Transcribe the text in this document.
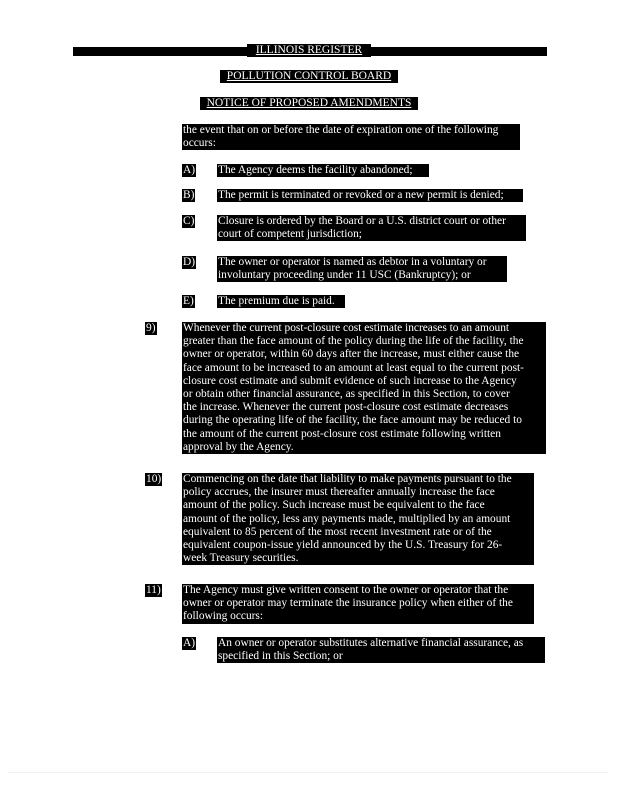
ILLINOIS REGISTER
POLLUTION CONTROL BOARD
NOTICE OF PROPOSED AMENDMENTS
the event that on or before the date of expiration one of the following
occurs:
A) The Agency deems the facility abandoned;
B) The permit is terminated or revoked or a new permit is denied;
C) Closure is ordered by the Board or a U.S. district court or other
court of competent jurisdiction;
D) The owner or operator is named as debtor in a voluntary or
involuntary proceeding under 11 USC (Bankruptcy); or
E) The premium due is paid.
9) Whenever the current post-closure cost estimate increases to an amount
greater than the face amount of the policy during the life of the facility, the
owner or operator, within 60 days after the increase, must either cause the
face amount to be increased to an amount at least equal to the current post-
closure cost estimate and submit evidence of such increase to the Agency
or obtain other financial assurance, as specified in this Section, to cover
the increase. Whenever the current post-closure cost estimate decreases
during the operating life of the facility, the face amount may be reduced to
the amount of the current post-closure cost estimate following written
approval by the Agency.
10) Commencing on the date that liability to make payments pursuant to the
policy accrues, the insurer must thereafter annually increase the face
amount of the policy. Such increase must be equivalent to the face
amount of the policy, less any payments made, multiplied by an amount
equivalent to 85 percent of the most recent investment rate or of the
equivalent coupon-issue yield announced by the U.S. Treasury for 26-
week Treasury securities.
11) The Agency must give written consent to the owner or operator that the
owner or operator may terminate the insurance policy when either of the
following occurs:
A) An owner or operator substitutes alternative financial assurance, as
specified in this Section; or
